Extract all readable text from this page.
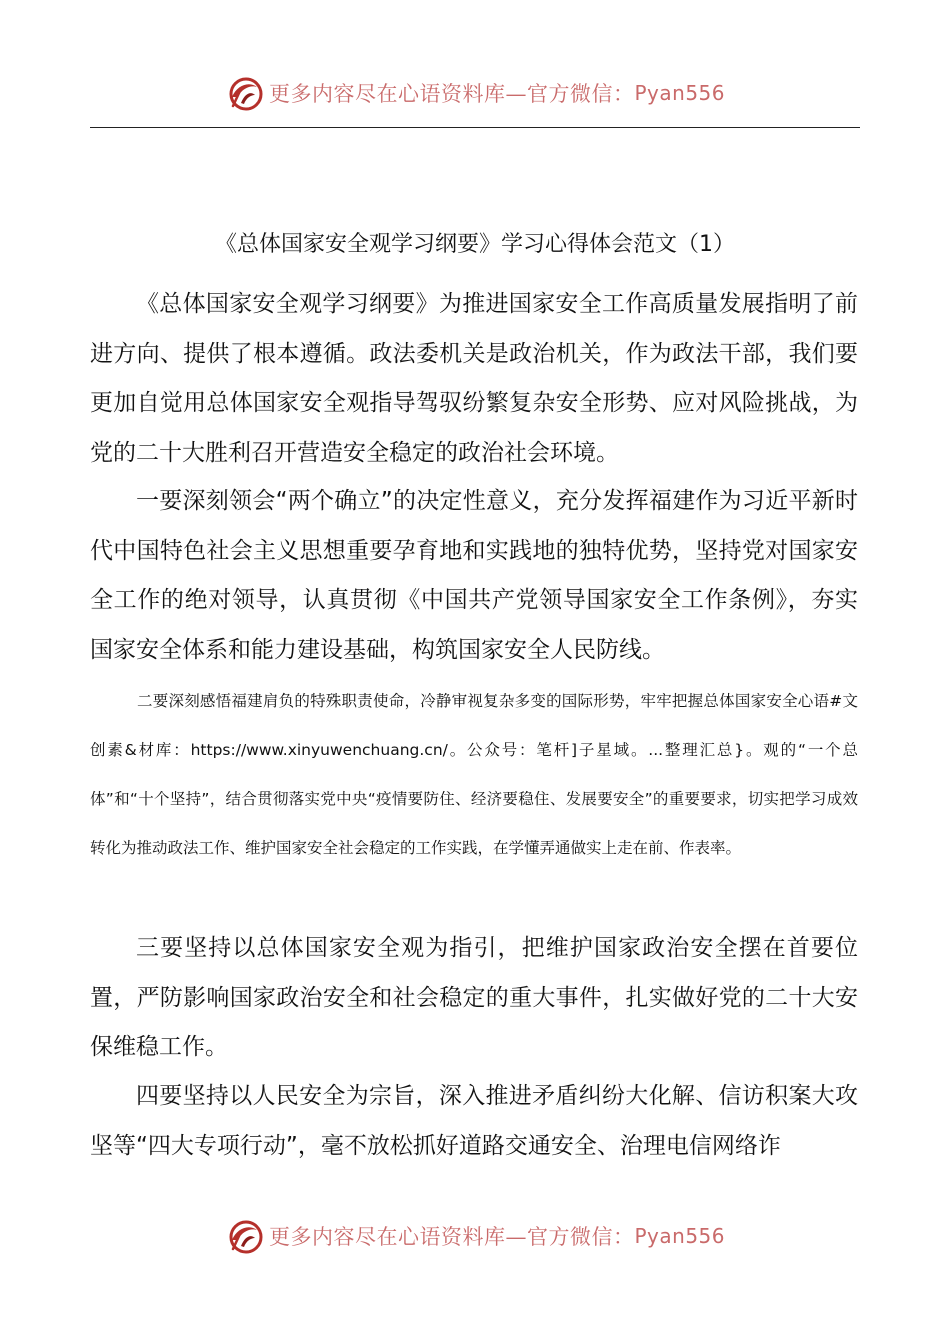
更多内容尽在心语资料库—官方微信： Pyan556
《总体国家安全观学习纲要》学习心得体会范文（1）

《总体国家安全观学习纲要》为推进国家安全工作高质量发展指明了前进方向、提供了根本遵循。政法委机关是政治机关，作为政法干部，我们要更加自觉用总体国家安全观指导驾驭纷繁复杂安全形势、应对风险挑战，为党的二十大胜利召开营造安全稳定的政治社会环境。

一要深刻领会“两个确立”的决定性意义，充分发挥福建作为习近平新时代中国特色社会主义思想重要孕育地和实践地的独特优势，坚持党对国家安全工作的绝对领导，认真贯彻《中国共产党领导国家安全工作条例》，夯实国家安全体系和能力建设基础，构筑国家安全人民防线。

二要深刻感悟福建肩负的特殊职责使命，冷静审视复杂多变的国际形势，牢牢把握总体国家安全心语#文创素&材库：https://www.xinyuwenchuang.cn/。公众号：笔杆]子星域。...整理汇总}。观的“一个总体”和“十个坚持”，结合贯彻落实党中央“疫情要防住、经济要稳住、发展要安全”的重要要求，切实把学习成效转化为推动政法工作、维护国家安全社会稳定的工作实践，在学懂弄通做实上走在前、作表率。

三要坚持以总体国家安全观为指引，把维护国家政治安全摆在首要位置，严防影响国家政治安全和社会稳定的重大事件，扎实做好党的二十大安保维稳工作。

四要坚持以人民安全为宗旨，深入推进矛盾纠纷大化解、信访积案大攻坚等“四大专项行动”，毫不放松抓好道路交通安全、治理电信网络诈

更多内容尽在心语资料库—官方微信： Pyan556
